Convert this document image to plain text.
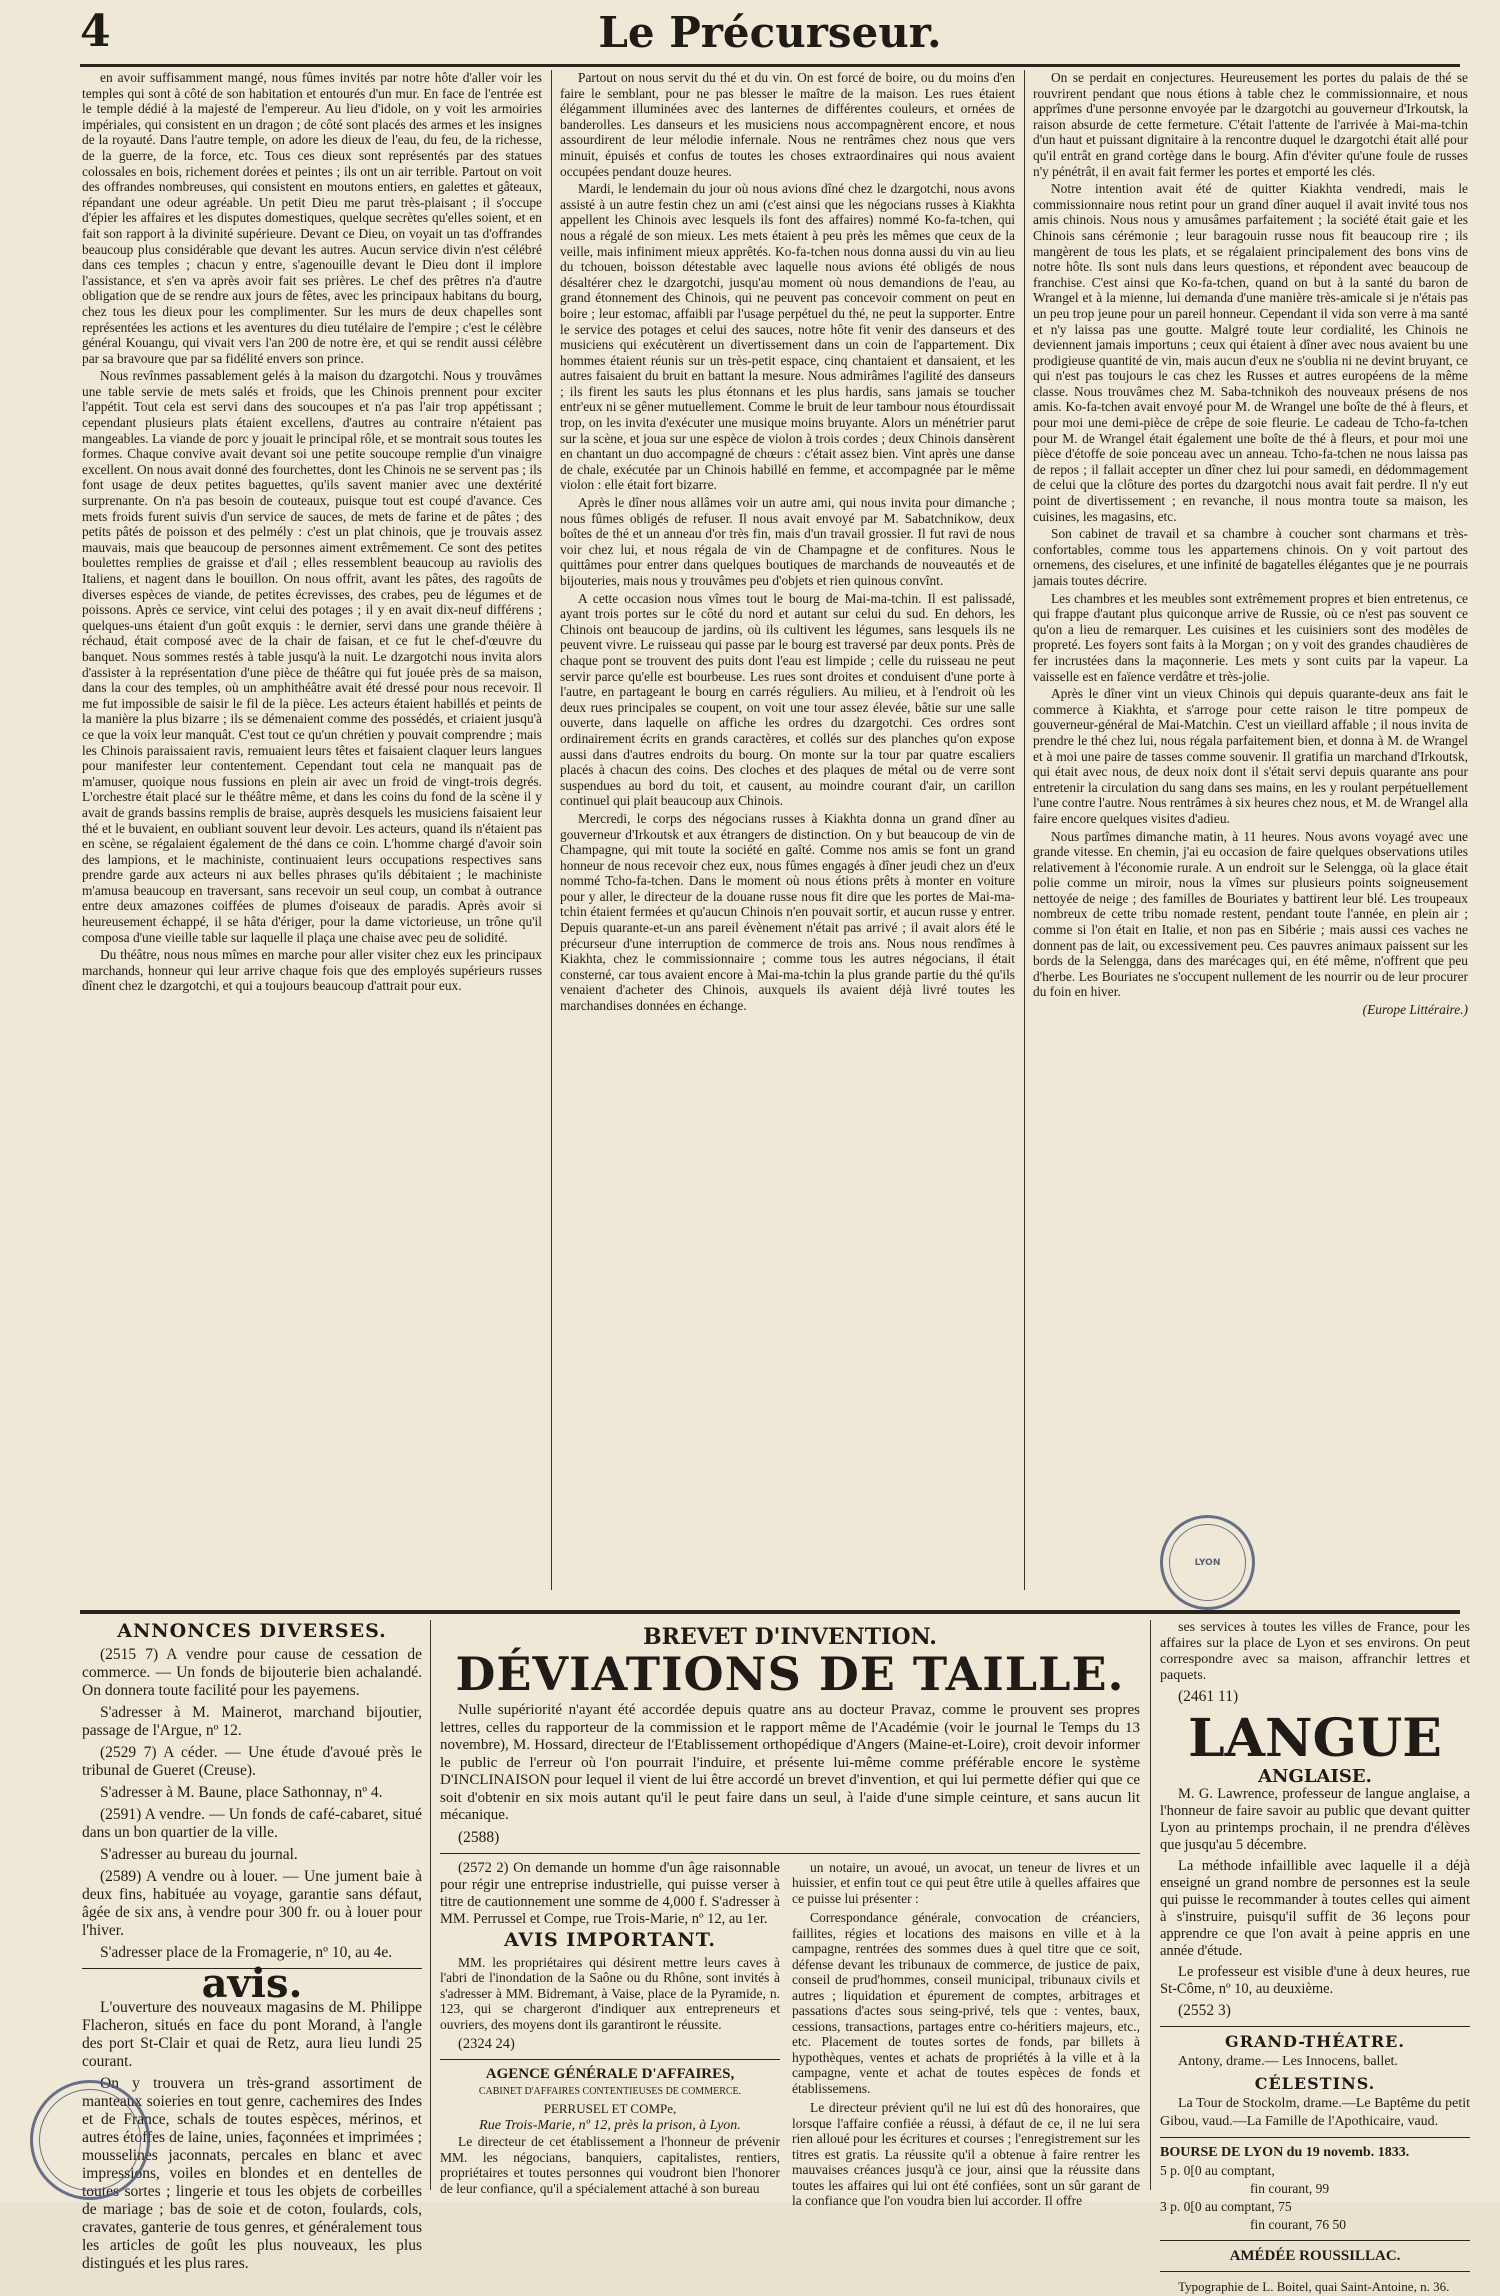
4	Le Précurseur.

en avoir suffisamment mangé, nous fûmes invités par notre hôte d'aller voir les temples qui sont à côté de son habitation et entourés d'un mur. En face de l'entrée est le temple dédié à la majesté de l'empereur. Au lieu d'idole, on y voit les armoiries impériales, qui consistent en un dragon ; de côté sont placés des armes et les insignes de la royauté. Dans l'autre temple, on adore les dieux de l'eau, du feu, de la richesse, de la guerre, de la force, etc. Tous ces dieux sont représentés par des statues colossales en bois, richement dorées et peintes ; ils ont un air terrible. Partout on voit des offrandes nombreuses, qui consistent en moutons entiers, en galettes et gâteaux, répandant une odeur agréable. Un petit Dieu me parut très-plaisant ; il s'occupe d'épier les affaires et les disputes domestiques, quelque secrètes qu'elles soient, et en fait son rapport à la divinité supérieure. Devant ce Dieu, on voyait un tas d'offrandes beaucoup plus considérable que devant les autres. Aucun service divin n'est célébré dans ces temples ; chacun y entre, s'agenouille devant le Dieu dont il implore l'assistance, et s'en va après avoir fait ses prières. Le chef des prêtres n'a d'autre obligation que de se rendre aux jours de fêtes, avec les principaux habitans du bourg, chez tous les dieux pour les complimenter. Sur les murs de deux chapelles sont représentées les actions et les aventures du dieu tutélaire de l'empire ; c'est le célèbre général Kouangu, qui vivait vers l'an 200 de notre ère, et qui se rendit aussi célèbre par sa bravoure que par sa fidélité envers son prince.

Nous revînmes passablement gelés à la maison du dzargotchi. Nous y trouvâmes une table servie de mets salés et froids, que les Chinois prennent pour exciter l'appétit. Tout cela est servi dans des soucoupes et n'a pas l'air trop appétissant ; cependant plusieurs plats étaient excellens, d'autres au contraire n'étaient pas mangeables. La viande de porc y jouait le principal rôle, et se montrait sous toutes les formes. Chaque convive avait devant soi une petite soucoupe remplie d'un vinaigre excellent. On nous avait donné des fourchettes, dont les Chinois ne se servent pas ; ils font usage de deux petites baguettes, qu'ils savent manier avec une dextérité surprenante. On n'a pas besoin de couteaux, puisque tout est coupé d'avance. Ces mets froids furent suivis d'un service de sauces, de mets de farine et de pâtes ; des petits pâtés de poisson et des pelmély : c'est un plat chinois, que je trouvais assez mauvais, mais que beaucoup de personnes aiment extrêmement. Ce sont des petites boulettes remplies de graisse et d'ail ; elles ressemblent beaucoup au raviolis des Italiens, et nagent dans le bouillon. On nous offrit, avant les pâtes, des ragoûts de diverses espèces de viande, de petites écrevisses, des crabes, peu de légumes et de poissons. Après ce service, vint celui des potages ; il y en avait dix-neuf différens ; quelques-uns étaient d'un goût exquis : le dernier, servi dans une grande théière à réchaud, était composé avec de la chair de faisan, et ce fut le chef-d'œuvre du banquet. Nous sommes restés à table jusqu'à la nuit. Le dzargotchi nous invita alors d'assister à la représentation d'une pièce de théâtre qui fut jouée près de sa maison, dans la cour des temples, où un amphithéâtre avait été dressé pour nous recevoir. Il me fut impossible de saisir le fil de la pièce. Les acteurs étaient habillés et peints de la manière la plus bizarre ; ils se démenaient comme des possédés, et criaient jusqu'à ce que la voix leur manquât. C'est tout ce qu'un chrétien y pouvait comprendre ; mais les Chinois paraissaient ravis, remuaient leurs têtes et faisaient claquer leurs langues pour manifester leur contentement. Cependant tout cela ne manquait pas de m'amuser, quoique nous fussions en plein air avec un froid de vingt-trois degrés. L'orchestre était placé sur le théâtre même, et dans les coins du fond de la scène il y avait de grands bassins remplis de braise, auprès desquels les musiciens faisaient leur thé et le buvaient, en oubliant souvent leur devoir. Les acteurs, quand ils n'étaient pas en scène, se régalaient également de thé dans ce coin. L'homme chargé d'avoir soin des lampions, et le machiniste, continuaient leurs occupations respectives sans prendre garde aux acteurs ni aux belles phrases qu'ils débitaient ; le machiniste m'amusa beaucoup en traversant, sans recevoir un seul coup, un combat à outrance entre deux amazones coiffées de plumes d'oiseaux de paradis. Après avoir si heureusement échappé, il se hâta d'ériger, pour la dame victorieuse, un trône qu'il composa d'une vieille table sur laquelle il plaça une chaise avec peu de solidité.

Du théâtre, nous nous mîmes en marche pour aller visiter chez eux les principaux marchands, honneur qui leur arrive chaque fois que des employés supérieurs russes dînent chez le dzargotchi, et qui a toujours beaucoup d'attrait pour eux.

Partout on nous servit du thé et du vin. On est forcé de boire, ou du moins d'en faire le semblant, pour ne pas blesser le maître de la maison. Les rues étaient élégamment illuminées avec des lanternes de différentes couleurs, et ornées de banderolles. Les danseurs et les musiciens nous accompagnèrent encore, et nous assourdirent de leur mélodie infernale. Nous ne rentrâmes chez nous que vers minuit, épuisés et confus de toutes les choses extraordinaires qui nous avaient occupées pendant douze heures.

Mardi, le lendemain du jour où nous avions dîné chez le dzargotchi, nous avons assisté à un autre festin chez un ami (c'est ainsi que les négocians russes à Kiakhta appellent les Chinois avec lesquels ils font des affaires) nommé Ko-fa-tchen, qui nous a régalé de son mieux. Les mets étaient à peu près les mêmes que ceux de la veille, mais infiniment mieux apprêtés. Ko-fa-tchen nous donna aussi du vin au lieu du tchouen, boisson détestable avec laquelle nous avions été obligés de nous désaltérer chez le dzargotchi, jusqu'au moment où nous demandions de l'eau, au grand étonnement des Chinois, qui ne peuvent pas concevoir comment on peut en boire ; leur estomac, affaibli par l'usage perpétuel du thé, ne peut la supporter. Entre le service des potages et celui des sauces, notre hôte fit venir des danseurs et des musiciens qui exécutèrent un divertissement dans un coin de l'appartement. Dix hommes étaient réunis sur un très-petit espace, cinq chantaient et dansaient, et les autres faisaient du bruit en battant la mesure. Nous admirâmes l'agilité des danseurs ; ils firent les sauts les plus étonnans et les plus hardis, sans jamais se toucher entr'eux ni se gêner mutuellement. Comme le bruit de leur tambour nous étourdissait trop, on les invita d'exécuter une musique moins bruyante. Alors un ménétrier parut sur la scène, et joua sur une espèce de violon à trois cordes ; deux Chinois dansèrent en chantant un duo accompagné de chœurs : c'était assez bien. Vint après une danse de chale, exécutée par un Chinois habillé en femme, et accompagnée par le même violon : elle était fort bizarre.

Après le dîner nous allâmes voir un autre ami, qui nous invita pour dimanche ; nous fûmes obligés de refuser. Il nous avait envoyé par M. Sabatchnikow, deux boîtes de thé et un anneau d'or très fin, mais d'un travail grossier. Il fut ravi de nous voir chez lui, et nous régala de vin de Champagne et de confitures. Nous le quittâmes pour entrer dans quelques boutiques de marchands de nouveautés et de bijouteries, mais nous y trouvâmes peu d'objets et rien quinous convînt.

A cette occasion nous vîmes tout le bourg de Mai-ma-tchin. Il est palissadé, ayant trois portes sur le côté du nord et autant sur celui du sud. En dehors, les Chinois ont beaucoup de jardins, où ils cultivent les légumes, sans lesquels ils ne peuvent vivre. Le ruisseau qui passe par le bourg est traversé par deux ponts. Près de chaque pont se trouvent des puits dont l'eau est limpide ; celle du ruisseau ne peut servir parce qu'elle est bourbeuse. Les rues sont droites et conduisent d'une porte à l'autre, en partageant le bourg en carrés réguliers. Au milieu, et à l'endroit où les deux rues principales se coupent, on voit une tour assez élevée, bâtie sur une salle ouverte, dans laquelle on affiche les ordres du dzargotchi. Ces ordres sont ordinairement écrits en grands caractères, et collés sur des planches qu'on expose aussi dans d'autres endroits du bourg. On monte sur la tour par quatre escaliers placés à chacun des coins. Des cloches et des plaques de métal ou de verre sont suspendues au bord du toit, et causent, au moindre courant d'air, un carillon continuel qui plait beaucoup aux Chinois.

Mercredi, le corps des négocians russes à Kiakhta donna un grand dîner au gouverneur d'Irkoutsk et aux étrangers de distinction. On y but beaucoup de vin de Champagne, qui mit toute la société en gaîté. Comme nos amis se font un grand honneur de nous recevoir chez eux, nous fûmes engagés à dîner jeudi chez un d'eux nommé Tcho-fa-tchen. Dans le moment où nous étions prêts à monter en voiture pour y aller, le directeur de la douane russe nous fit dire que les portes de Mai-ma-tchin étaient fermées et qu'aucun Chinois n'en pouvait sortir, et aucun russe y entrer. Depuis quarante-et-un ans pareil évènement n'était pas arrivé ; il avait alors été le précurseur d'une interruption de commerce de trois ans. Nous nous rendîmes à Kiakhta, chez le commissionnaire ; comme tous les autres négocians, il était consterné, car tous avaient encore à Mai-ma-tchin la plus grande partie du thé qu'ils venaient d'acheter des Chinois, auxquels ils avaient déjà livré toutes les marchandises données en échange.

On se perdait en conjectures. Heureusement les portes du palais de thé se rouvrirent pendant que nous étions à table chez le commissionnaire, et nous apprîmes d'une personne envoyée par le dzargotchi au gouverneur d'Irkoutsk, la raison absurde de cette fermeture. C'était l'attente de l'arrivée à Mai-ma-tchin d'un haut et puissant dignitaire à la rencontre duquel le dzargotchi était allé pour qu'il entrât en grand cortège dans le bourg. Afin d'éviter qu'une foule de russes n'y pénétrât, il en avait fait fermer les portes et emporté les clés.

Notre intention avait été de quitter Kiakhta vendredi, mais le commissionnaire nous retint pour un grand dîner auquel il avait invité tous nos amis chinois. Nous nous y amusâmes parfaitement ; la société était gaie et les Chinois sans cérémonie ; leur baragouin russe nous fit beaucoup rire ; ils mangèrent de tous les plats, et se régalaient principalement des bons vins de notre hôte. Ils sont nuls dans leurs questions, et répondent avec beaucoup de franchise. C'est ainsi que Ko-fa-tchen, quand on but à la santé du baron de Wrangel et à la mienne, lui demanda d'une manière très-amicale si je n'étais pas un peu trop jeune pour un pareil honneur. Cependant il vida son verre à ma santé et n'y laissa pas une goutte. Malgré toute leur cordialité, les Chinois ne deviennent jamais importuns ; ceux qui étaient à dîner avec nous avaient bu une prodigieuse quantité de vin, mais aucun d'eux ne s'oublia ni ne devint bruyant, ce qui n'est pas toujours le cas chez les Russes et autres européens de la même classe. Nous trouvâmes chez M. Saba-tchnikoh des nouveaux présens de nos amis. Ko-fa-tchen avait envoyé pour M. de Wrangel une boîte de thé à fleurs, et pour moi une demi-pièce de crêpe de soie fleurie. Le cadeau de Tcho-fa-tchen pour M. de Wrangel était également une boîte de thé à fleurs, et pour moi une pièce d'étoffe de soie ponceau avec un anneau. Tcho-fa-tchen ne nous laissa pas de repos ; il fallait accepter un dîner chez lui pour samedi, en dédommagement de celui que la clôture des portes du dzargotchi nous avait fait perdre. Il n'y eut point de divertissement ; en revanche, il nous montra toute sa maison, les cuisines, les magasins, etc.

Son cabinet de travail et sa chambre à coucher sont charmans et très-confortables, comme tous les appartemens chinois. On y voit partout des ornemens, des ciselures, et une infinité de bagatelles élégantes que je ne pourrais jamais toutes décrire.

Les chambres et les meubles sont extrêmement propres et bien entretenus, ce qui frappe d'autant plus quiconque arrive de Russie, où ce n'est pas souvent ce qu'on a lieu de remarquer. Les cuisines et les cuisiniers sont des modèles de propreté. Les foyers sont faits à la Morgan ; on y voit des grandes chaudières de fer incrustées dans la maçonnerie. Les mets y sont cuits par la vapeur. La vaisselle est en faïence verdâtre et très-jolie.

Après le dîner vint un vieux Chinois qui depuis quarante-deux ans fait le commerce à Kiakhta, et s'arroge pour cette raison le titre pompeux de gouverneur-général de Mai-Matchin. C'est un vieillard affable ; il nous invita de prendre le thé chez lui, nous régala parfaitement bien, et donna à M. de Wrangel et à moi une paire de tasses comme souvenir. Il gratifia un marchand d'Irkoutsk, qui était avec nous, de deux noix dont il s'était servi depuis quarante ans pour entretenir la circulation du sang dans ses mains, en les y roulant perpétuellement l'une contre l'autre. Nous rentrâmes à six heures chez nous, et M. de Wrangel alla faire encore quelques visites d'adieu.

Nous partîmes dimanche matin, à 11 heures. Nous avons voyagé avec une grande vitesse. En chemin, j'ai eu occasion de faire quelques observations utiles relativement à l'économie rurale. A un endroit sur le Selengga, où la glace était polie comme un miroir, nous la vîmes sur plusieurs points soigneusement nettoyée de neige ; des familles de Bouriates y battirent leur blé. Les troupeaux nombreux de cette tribu nomade restent, pendant toute l'année, en plein air ; comme si l'on était en Italie, et non pas en Sibérie ; mais aussi ces vaches ne donnent pas de lait, ou excessivement peu. Ces pauvres animaux paissent sur les bords de la Selengga, dans des marécages qui, en été même, n'offrent que peu d'herbe. Les Bouriates ne s'occupent nullement de les nourrir ou de leur procurer du foin en hiver.

(Europe Littéraire.)

LYON
ANNONCES DIVERSES.

(2515 7) A vendre pour cause de cessation de commerce. — Un fonds de bijouterie bien achalandé. On donnera toute facilité pour les payemens.

S'adresser à M. Mainerot, marchand bijoutier, passage de l'Argue, nº 12.

(2529 7) A céder. — Une étude d'avoué près le tribunal de Gueret (Creuse).

S'adresser à M. Baune, place Sathonnay, nº 4.

(2591) A vendre. — Un fonds de café-cabaret, situé dans un bon quartier de la ville.

S'adresser au bureau du journal.

(2589) A vendre ou à louer. — Une jument baie à deux fins, habituée au voyage, garantie sans défaut, âgée de six ans, à vendre pour 300 fr. ou à louer pour l'hiver.

S'adresser place de la Fromagerie, nº 10, au 4e.

avis.

L'ouverture des nouveaux magasins de M. Philippe Flacheron, situés en face du pont Morand, à l'angle des port St-Clair et quai de Retz, aura lieu lundi 25 courant.

On y trouvera un très-grand assortiment de manteaux soieries en tout genre, cachemires des Indes et de France, schals de toutes espèces, mérinos, et autres étoffes de laine, unies, façonnées et imprimées ; mousselines jaconnats, percales en blanc et avec impressions, voiles en blondes et en dentelles de toutes sortes ; lingerie et tous les objets de corbeilles de mariage ; bas de soie et de coton, foulards, cols, cravates, ganterie de tous genres, et généralement tous les articles de goût les plus nouveaux, les plus distingués et les plus rares.

BREVET D'INVENTION.
DÉVIATIONS DE TAILLE.

Nulle supériorité n'ayant été accordée depuis quatre ans au docteur Pravaz, comme le prouvent ses propres lettres, celles du rapporteur de la commission et le rapport même de l'Académie (voir le journal le Temps du 13 novembre), M. Hossard, directeur de l'Etablissement orthopédique d'Angers (Maine-et-Loire), croit devoir informer le public de l'erreur où l'on pourrait l'induire, et présente lui-même comme préférable encore le système D'INCLINAISON pour lequel il vient de lui être accordé un brevet d'invention, et qui lui permette défier qui que ce soit d'obtenir en six mois autant qu'il le peut faire dans un seul, à l'aide d'une simple ceinture, et sans aucun lit mécanique.

(2588)

(2572 2) On demande un homme d'un âge raisonnable pour régir une entreprise industrielle, qui puisse verser à titre de cautionnement une somme de 4,000 f. S'adresser à MM. Perrussel et Compe, rue Trois-Marie, nº 12, au 1er.

AVIS IMPORTANT.

MM. les propriétaires qui désirent mettre leurs caves à l'abri de l'inondation de la Saône ou du Rhône, sont invités à s'adresser à MM. Bidremant, à Vaise, place de la Pyramide, n. 123, qui se chargeront d'indiquer aux entrepreneurs et ouvriers, des moyens dont ils garantiront le réussite.

(2324 24)

AGENCE GÉNÉRALE D'AFFAIRES,
CABINET D'AFFAIRES CONTENTIEUSES DE COMMERCE.
PERRUSEL ET COMPe,
Rue Trois-Marie, nº 12, près la prison, à Lyon.

Le directeur de cet établissement a l'honneur de prévenir MM. les négocians, banquiers, capitalistes, rentiers, propriétaires et toutes personnes qui voudront bien l'honorer de leur confiance, qu'il a spécialement attaché à son bureau

un notaire, un avoué, un avocat, un teneur de livres et un huissier, et enfin tout ce qui peut être utile à quelles affaires que ce puisse lui présenter :

Correspondance générale, convocation de créanciers, faillites, régies et locations des maisons en ville et à la campagne, rentrées des sommes dues à quel titre que ce soit, défense devant les tribunaux de commerce, de justice de paix, conseil de prud'hommes, conseil municipal, tribunaux civils et autres ; liquidation et épurement de comptes, arbitrages et passations d'actes sous seing-privé, tels que : ventes, baux, cessions, transactions, partages entre co-héritiers majeurs, etc., etc. Placement de toutes sortes de fonds, par billets à hypothèques, ventes et achats de propriétés à la ville et à la campagne, vente et achat de toutes espèces de fonds et établissemens.

Le directeur prévient qu'il ne lui est dû des honoraires, que lorsque l'affaire confiée a réussi, à défaut de ce, il ne lui sera rien alloué pour les écritures et courses ; l'enregistrement sur les titres est gratis. La réussite qu'il a obtenue à faire rentrer les mauvaises créances jusqu'à ce jour, ainsi que la réussite dans toutes les affaires qui lui ont été confiées, sont un sûr garant de la confiance que l'on voudra bien lui accorder. Il offre

ses services à toutes les villes de France, pour les affaires sur la place de Lyon et ses environs. On peut correspondre avec sa maison, affranchir lettres et paquets.

(2461 11)

LANGUE
ANGLAISE.

M. G. Lawrence, professeur de langue anglaise, a l'honneur de faire savoir au public que devant quitter Lyon au printemps prochain, il ne prendra d'élèves que jusqu'au 5 décembre.

La méthode infaillible avec laquelle il a déjà enseigné un grand nombre de personnes est la seule qui puisse le recommander à toutes celles qui aiment à s'instruire, puisqu'il suffit de 36 leçons pour apprendre ce que l'on avait à peine appris en une année d'étude.

Le professeur est visible d'une à deux heures, rue St-Côme, nº 10, au deuxième.

(2552 3)

GRAND-THÉATRE.

Antony, drame.— Les Innocens, ballet.

CÉLESTINS.

La Tour de Stockolm, drame.—Le Baptême du petit Gibou, vaud.—La Famille de l'Apothicaire, vaud.

BOURSE DE LYON du 19 novemb. 1833.
5 p. 0[0 au comptant,
fin courant, 99
3 p. 0[0 au comptant, 75
fin courant, 76 50
AMÉDÉE ROUSSILLAC.

Typographie de L. Boitel, quai Saint-Antoine, n. 36.
